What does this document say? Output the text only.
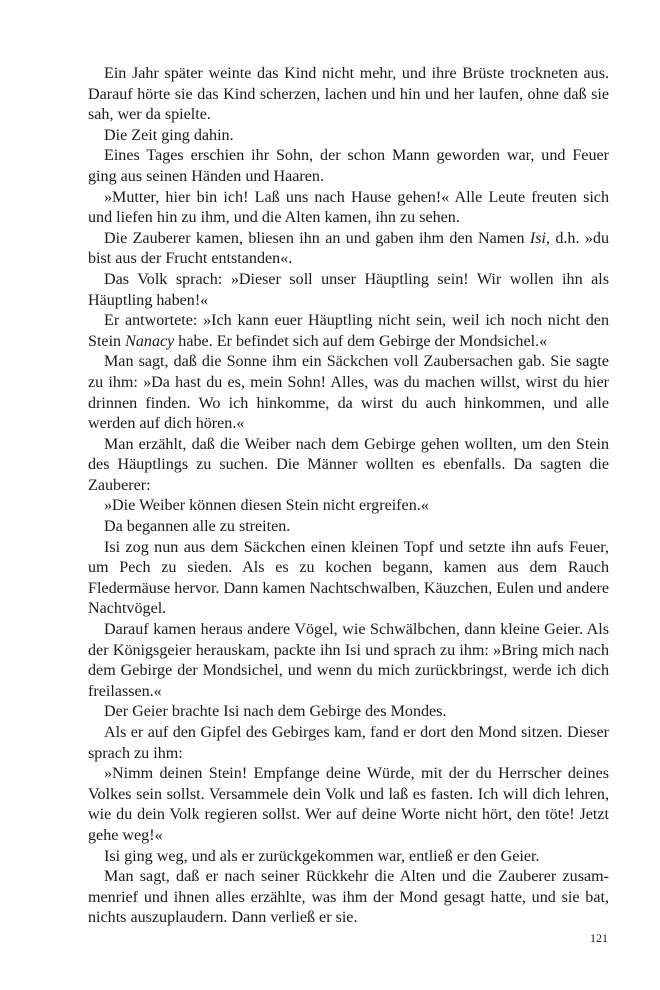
Ein Jahr später weinte das Kind nicht mehr, und ihre Brüste trockneten aus. Darauf hörte sie das Kind scherzen, lachen und hin und her laufen, ohne daß sie sah, wer da spielte.

Die Zeit ging dahin.

Eines Tages erschien ihr Sohn, der schon Mann geworden war, und Feuer ging aus seinen Händen und Haaren.

»Mutter, hier bin ich! Laß uns nach Hause gehen!« Alle Leute freuten sich und liefen hin zu ihm, und die Alten kamen, ihn zu sehen.

Die Zauberer kamen, bliesen ihn an und gaben ihm den Namen Isi, d.h. »du bist aus der Frucht entstanden«.

Das Volk sprach: »Dieser soll unser Häuptling sein! Wir wollen ihn als Häuptling haben!«

Er antwortete: »Ich kann euer Häuptling nicht sein, weil ich noch nicht den Stein Nanacy habe. Er befindet sich auf dem Gebirge der Mondsichel.«

Man sagt, daß die Sonne ihm ein Säckchen voll Zaubersachen gab. Sie sagte zu ihm: »Da hast du es, mein Sohn! Alles, was du machen willst, wirst du hier drinnen finden. Wo ich hinkomme, da wirst du auch hinkommen, und alle werden auf dich hören.«

Man erzählt, daß die Weiber nach dem Gebirge gehen wollten, um den Stein des Häuptlings zu suchen. Die Männer wollten es ebenfalls. Da sagten die Zauberer:

»Die Weiber können diesen Stein nicht ergreifen.«

Da begannen alle zu streiten.

Isi zog nun aus dem Säckchen einen kleinen Topf und setzte ihn aufs Feuer, um Pech zu sieden. Als es zu kochen begann, kamen aus dem Rauch Fledermäuse hervor. Dann kamen Nachtschwalben, Käuzchen, Eulen und andere Nachtvögel.

Darauf kamen heraus andere Vögel, wie Schwälbchen, dann kleine Geier. Als der Königsgeier herauskam, packte ihn Isi und sprach zu ihm: »Bring mich nach dem Gebirge der Mondsichel, und wenn du mich zurückbringst, werde ich dich freilassen.«

Der Geier brachte Isi nach dem Gebirge des Mondes.

Als er auf den Gipfel des Gebirges kam, fand er dort den Mond sitzen. Dieser sprach zu ihm:

»Nimm deinen Stein! Empfange deine Würde, mit der du Herrscher deines Volkes sein sollst. Versammele dein Volk und laß es fasten. Ich will dich lehren, wie du dein Volk regieren sollst. Wer auf deine Worte nicht hört, den töte! Jetzt gehe weg!«

Isi ging weg, und als er zurückgekommen war, entließ er den Geier.

Man sagt, daß er nach seiner Rückkehr die Alten und die Zauberer zusammenrief und ihnen alles erzählte, was ihm der Mond gesagt hatte, und sie bat, nichts auszuplaudern. Dann verließ er sie.

121
